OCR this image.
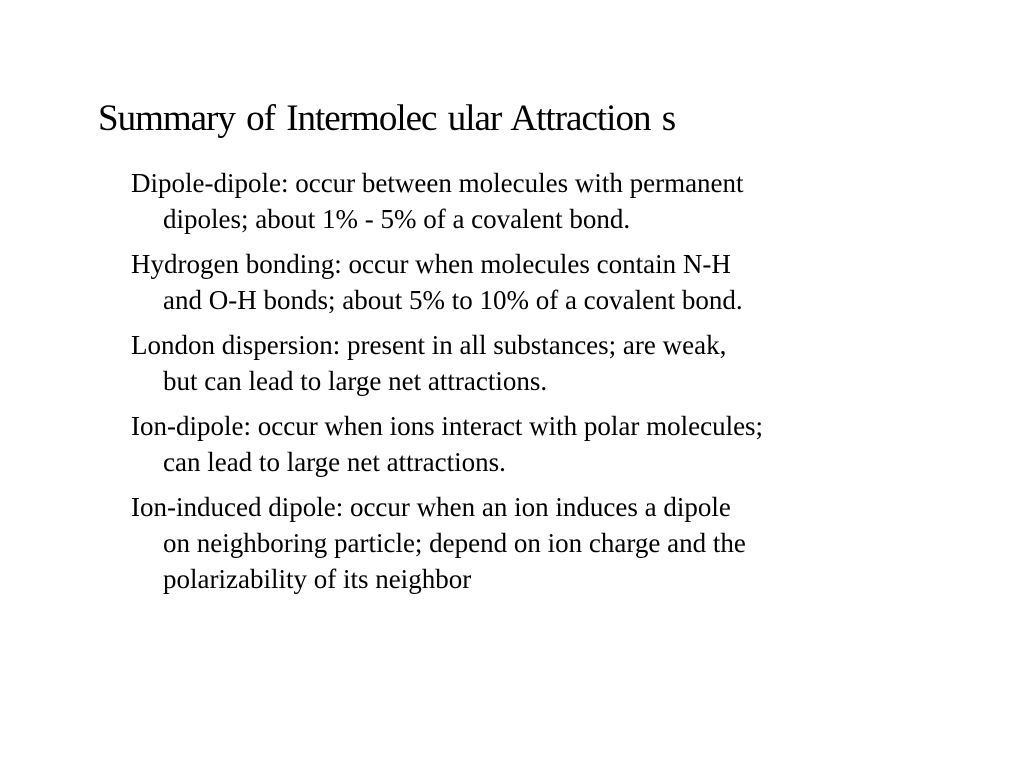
Summary of Intermolec ular Attraction s
Dipole-dipole: occur between molecules with permanent
dipoles; about 1% - 5% of a covalent bond.
Hydrogen bonding: occur when molecules contain N-H
and O-H bonds; about 5% to 10% of a covalent bond.
London dispersion: present in all substances; are weak,
but can lead to large net attractions.
Ion-dipole: occur when ions interact with polar molecules;
can lead to large net attractions.
Ion-induced dipole: occur when an ion induces a dipole
on neighboring particle; depend on ion charge and the
polarizability of its neighbor
